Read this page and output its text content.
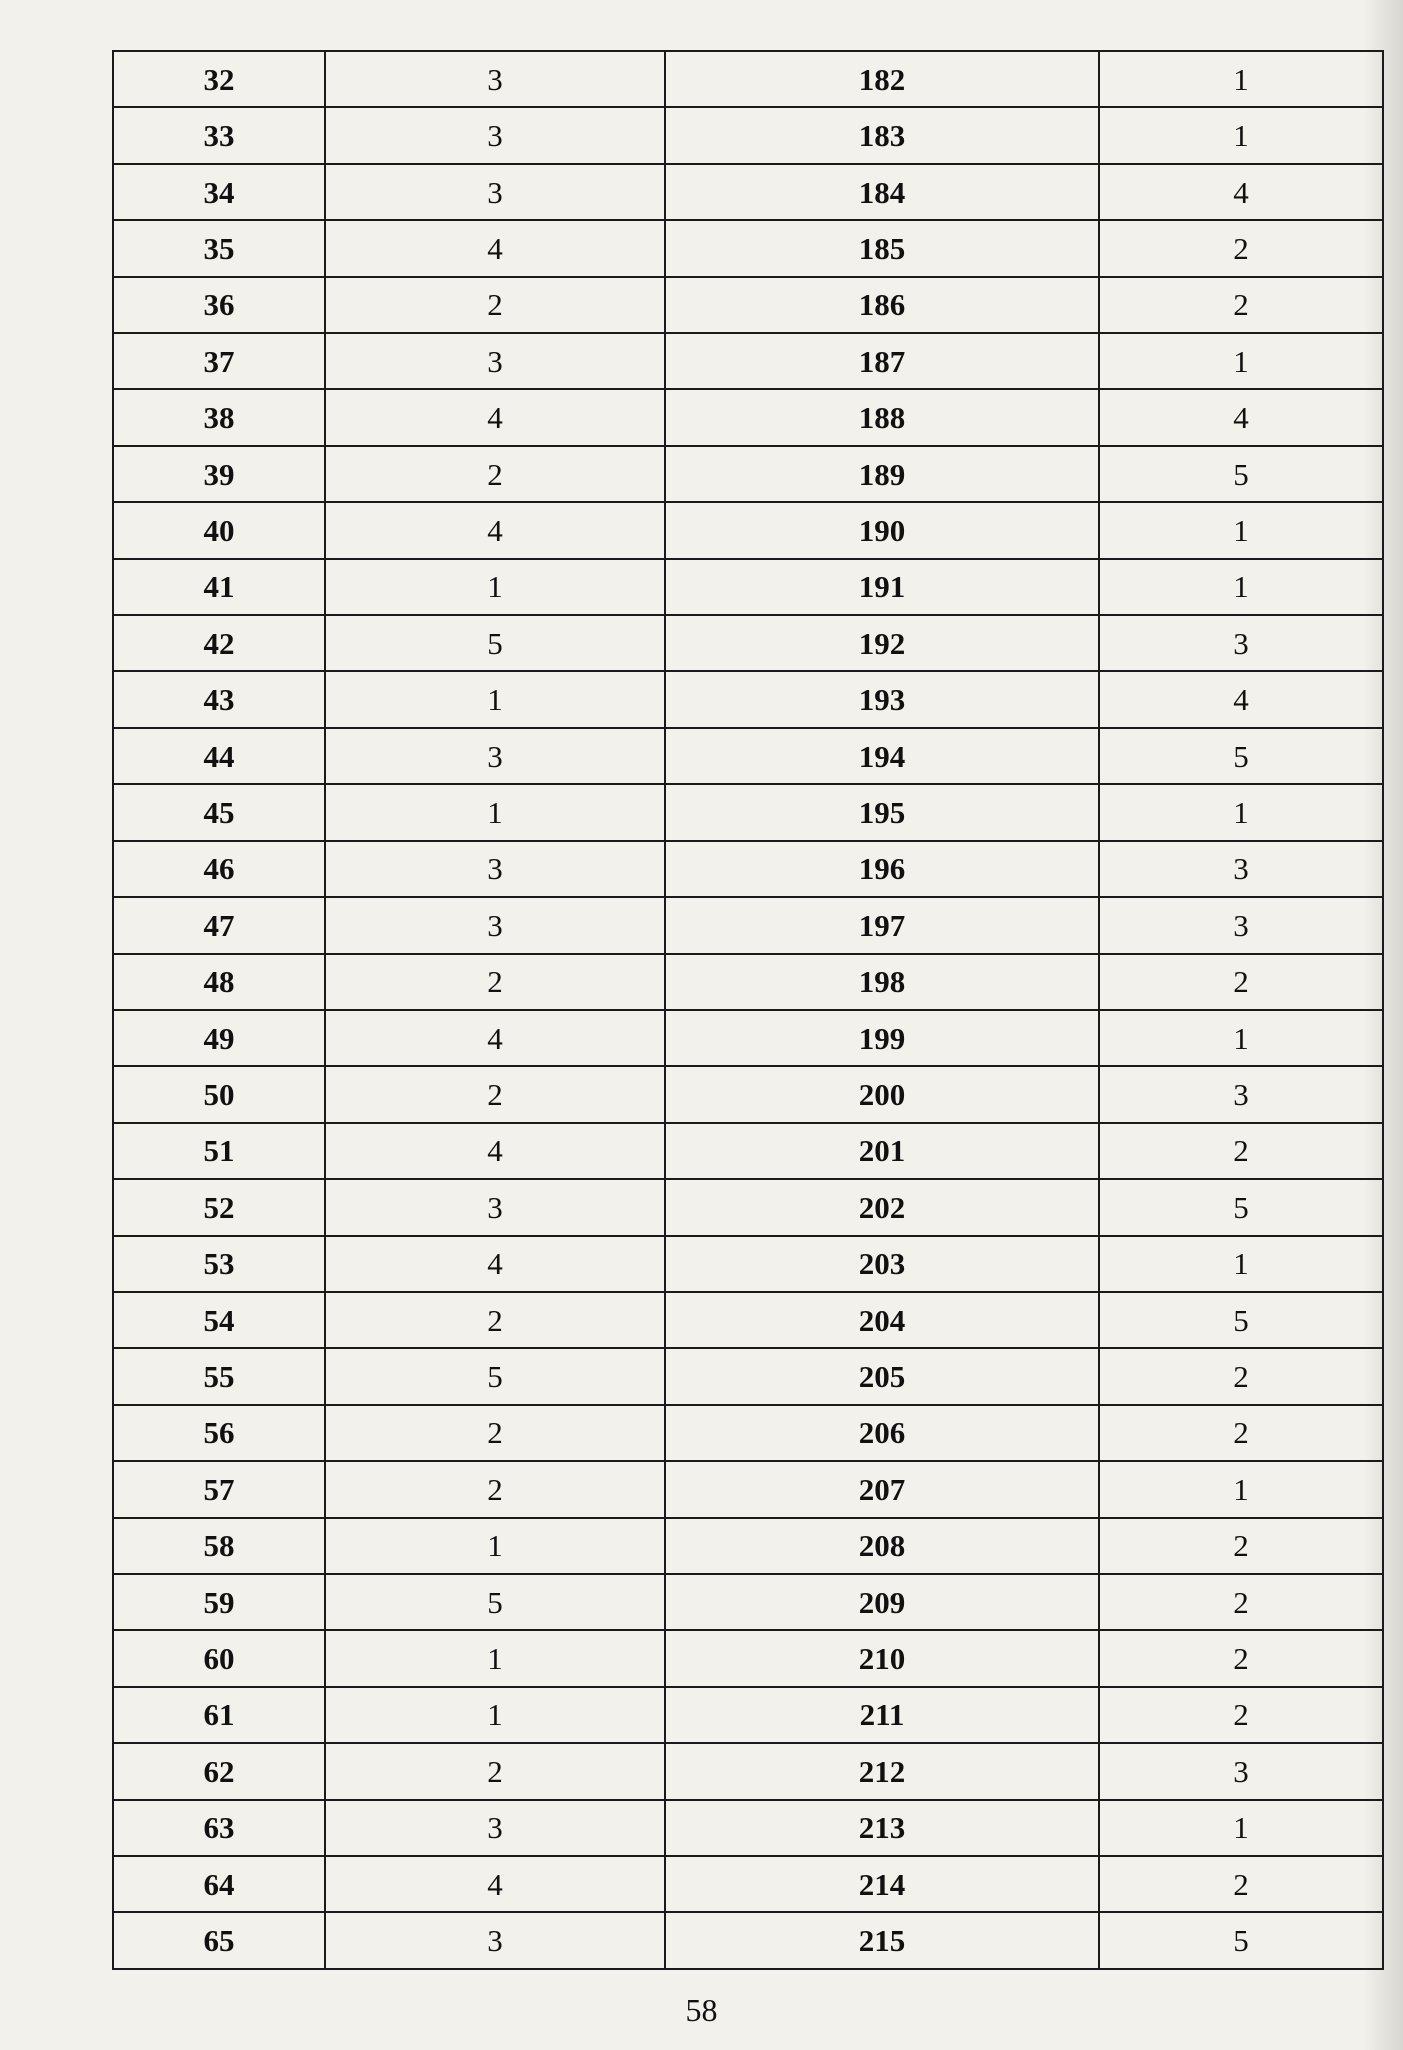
32	3	182	1
33	3	183	1
34	3	184	4
35	4	185	2
36	2	186	2
37	3	187	1
38	4	188	4
39	2	189	5
40	4	190	1
41	1	191	1
42	5	192	3
43	1	193	4
44	3	194	5
45	1	195	1
46	3	196	3
47	3	197	3
48	2	198	2
49	4	199	1
50	2	200	3
51	4	201	2
52	3	202	5
53	4	203	1
54	2	204	5
55	5	205	2
56	2	206	2
57	2	207	1
58	1	208	2
59	5	209	2
60	1	210	2
61	1	211	2
62	2	212	3
63	3	213	1
64	4	214	2
65	3	215	5
58
